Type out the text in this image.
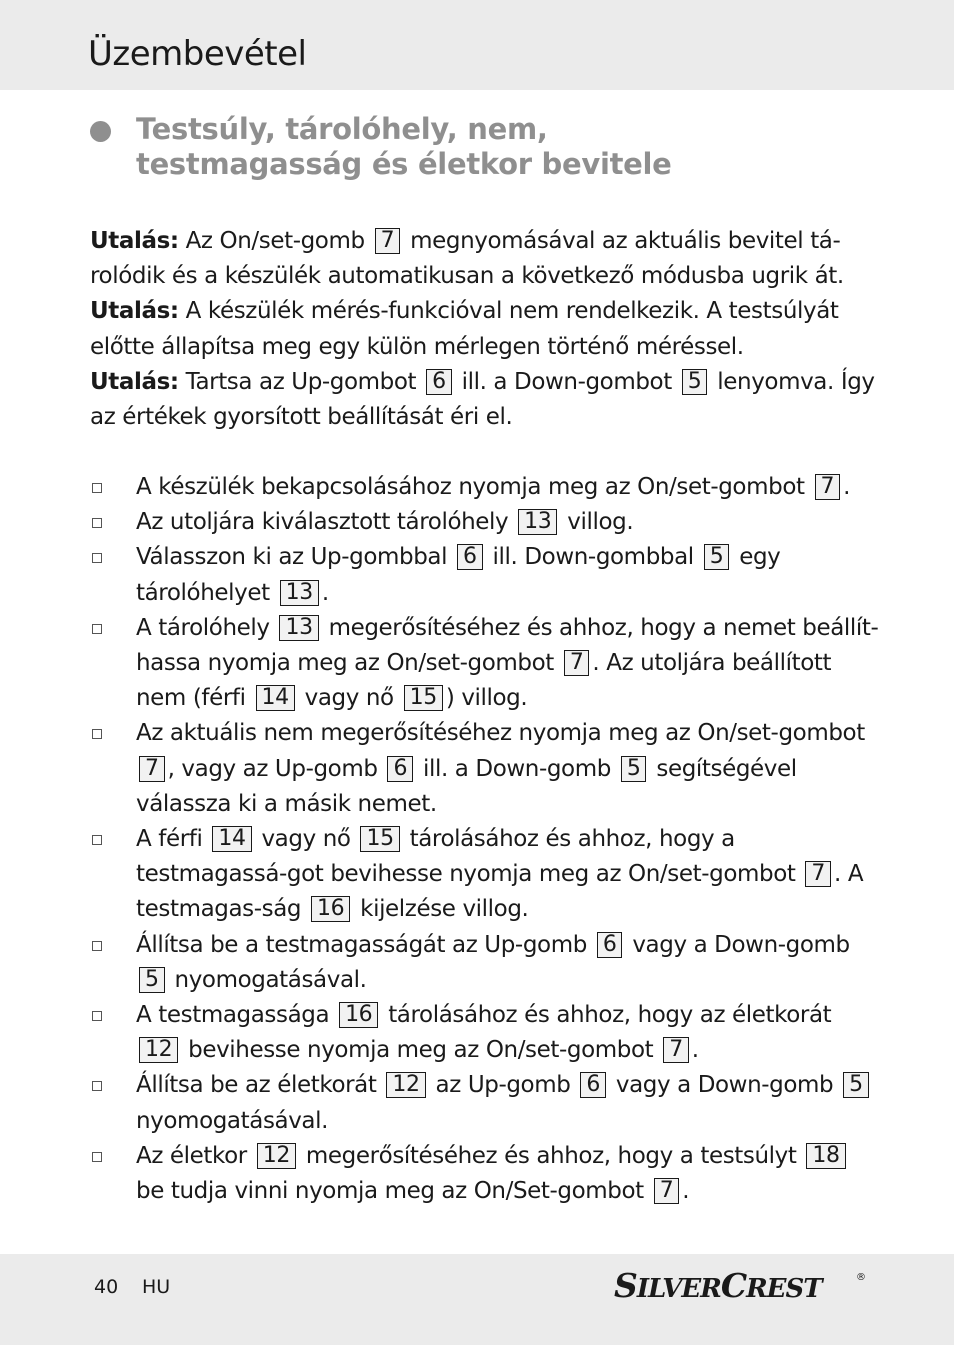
Üzembevétel
Testsúly, tárolóhely, nem,
testmagasság és életkor bevitele
Utalás: Az On/set-gomb 7 megnyomásával az aktuális bevitel tá-rolódik és a készülék automatikusan a következő módusba ugrik át.
Utalás: A készülék mérés-funkcióval nem rendelkezik. A testsúlyát előtte állapítsa meg egy külön mérlegen történő méréssel.
Utalás: Tartsa az Up-gombot 6 ill. a Down-gombot 5 lenyomva. Így az értékek gyorsított beállítását éri el.
A készülék bekapcsolásához nyomja meg az On/set-gombot 7 .
Az utoljára kiválasztott tárolóhely 13 villog.
Válasszon ki az Up-gombbal 6 ill. Down-gombbal 5 egy tárolóhelyet 13 .
A tárolóhely 13 megerősítéséhez és ahhoz, hogy a nemet beállít-hassa nyomja meg az On/set-gombot 7 . Az utoljára beállított nem (férfi 14 vagy nő 15 ) villog.
Az aktuális nem megerősítéséhez nyomja meg az On/set-gombot 7 , vagy az Up-gomb 6 ill. a Down-gomb 5 segítségével válassza ki a másik nemet.
A férfi 14 vagy nő 15 tárolásához és ahhoz, hogy a testmagassá-got bevihesse nyomja meg az On/set-gombot 7 . A testmagas-ság 16 kijelzése villog.
Állítsa be a testmagasságát az Up-gomb 6 vagy a Down-gomb 5 nyomogatásával.
A testmagassága 16 tárolásához és ahhoz, hogy az életkorát 12 bevihesse nyomja meg az On/set-gombot 7 .
Állítsa be az életkorát 12 az Up-gomb 6 vagy a Down-gomb 5 nyomogatásával.
Az életkor 12 megerősítéséhez és ahhoz, hogy a testsúlyt 18 be tudja vinni nyomja meg az On/Set-gombot 7 .
40 HU	SILVERCREST	®
